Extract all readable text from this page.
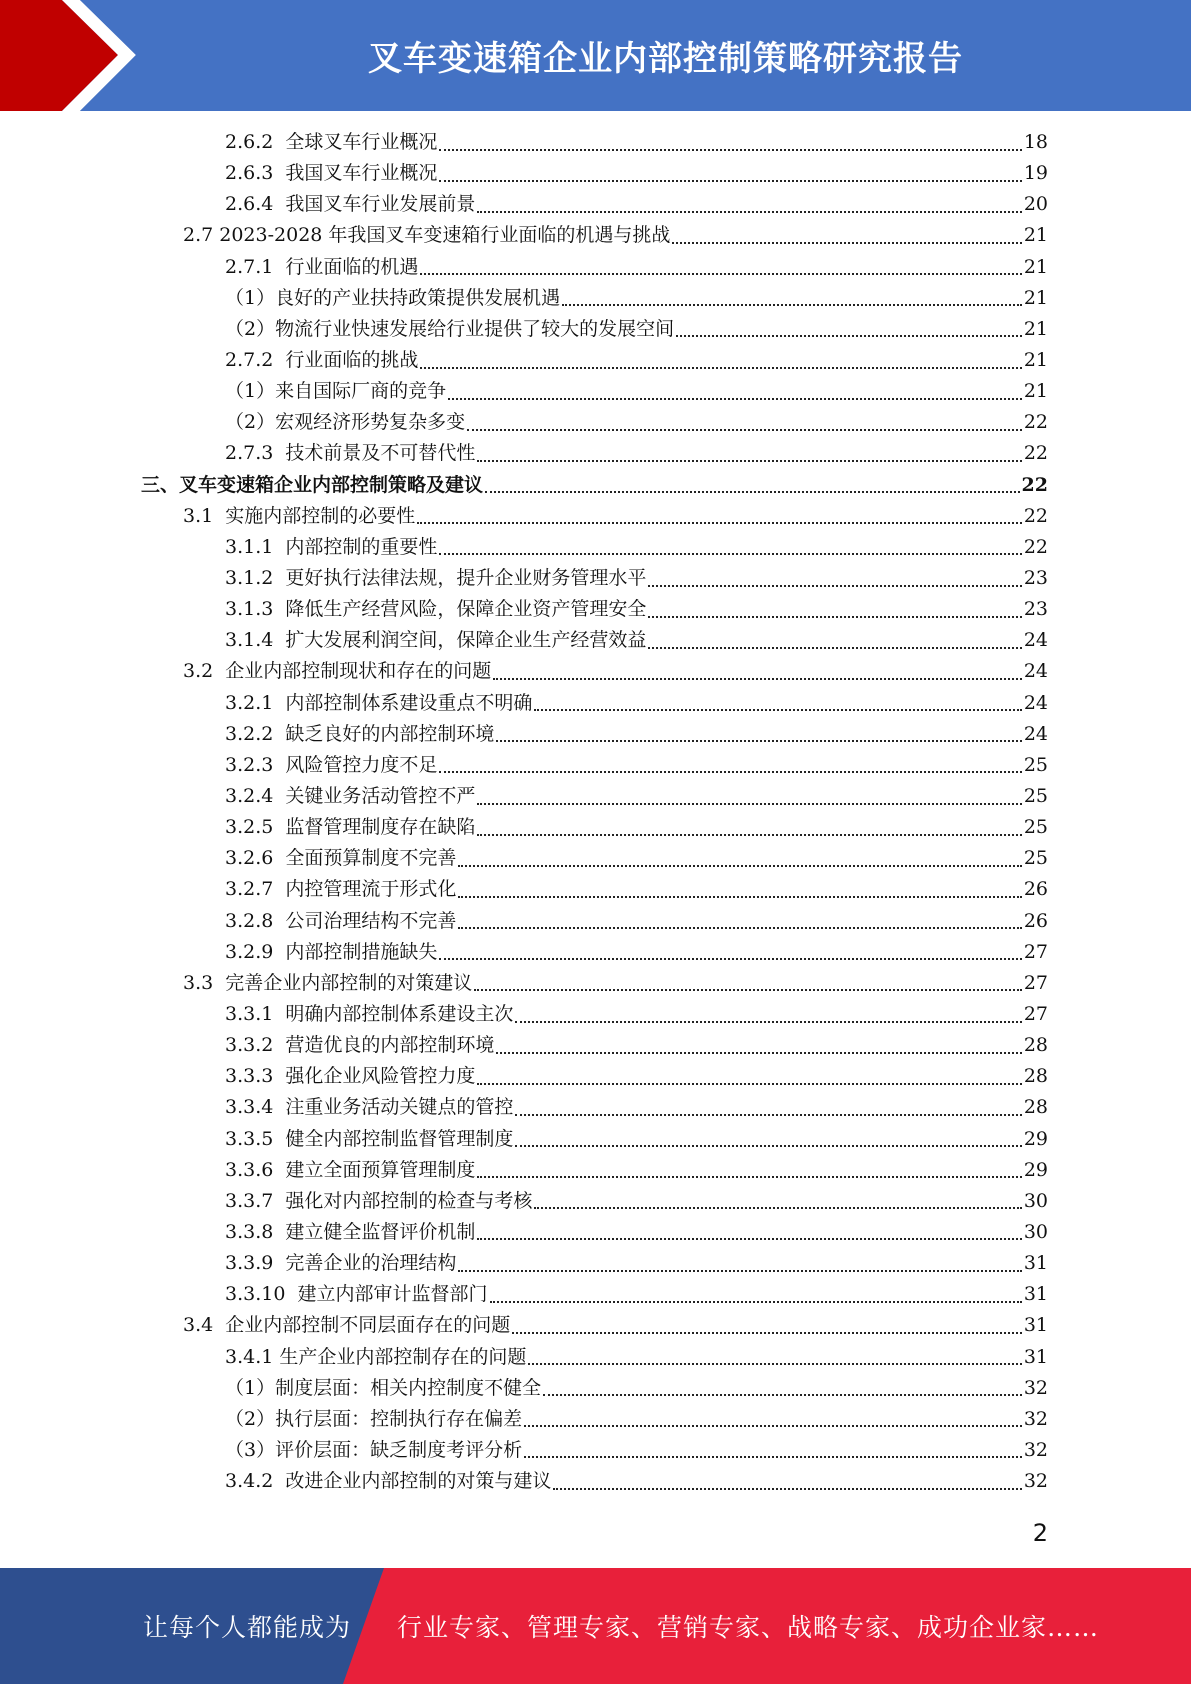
叉车变速箱企业内部控制策略研究报告
2.6.2  全球叉车行业概况	18
2.6.3  我国叉车行业概况	19
2.6.4  我国叉车行业发展前景	20
2.7 2023-2028 年我国叉车变速箱行业面临的机遇与挑战	21
2.7.1  行业面临的机遇	21
（1）良好的产业扶持政策提供发展机遇	21
（2）物流行业快速发展给行业提供了较大的发展空间	21
2.7.2  行业面临的挑战	21
（1）来自国际厂商的竞争	21
（2）宏观经济形势复杂多变	22
2.7.3  技术前景及不可替代性	22
三、叉车变速箱企业内部控制策略及建议	22
3.1  实施内部控制的必要性	22
3.1.1  内部控制的重要性	22
3.1.2  更好执行法律法规，提升企业财务管理水平	23
3.1.3  降低生产经营风险，保障企业资产管理安全	23
3.1.4  扩大发展利润空间，保障企业生产经营效益	24
3.2  企业内部控制现状和存在的问题	24
3.2.1  内部控制体系建设重点不明确	24
3.2.2  缺乏良好的内部控制环境	24
3.2.3  风险管控力度不足	25
3.2.4  关键业务活动管控不严	25
3.2.5  监督管理制度存在缺陷	25
3.2.6  全面预算制度不完善	25
3.2.7  内控管理流于形式化	26
3.2.8  公司治理结构不完善	26
3.2.9  内部控制措施缺失	27
3.3  完善企业内部控制的对策建议	27
3.3.1  明确内部控制体系建设主次	27
3.3.2  营造优良的内部控制环境	28
3.3.3  强化企业风险管控力度	28
3.3.4  注重业务活动关键点的管控	28
3.3.5  健全内部控制监督管理制度	29
3.3.6  建立全面预算管理制度	29
3.3.7  强化对内部控制的检查与考核	30
3.3.8  建立健全监督评价机制	30
3.3.9  完善企业的治理结构	31
3.3.10  建立内部审计监督部门	31
3.4  企业内部控制不同层面存在的问题	31
3.4.1 生产企业内部控制存在的问题	31
（1）制度层面：相关内控制度不健全	32
（2）执行层面：控制执行存在偏差	32
（3）评价层面：缺乏制度考评分析	32
3.4.2  改进企业内部控制的对策与建议	32
2
让每个人都能成为 行业专家、管理专家、营销专家、战略专家、成功企业家……
